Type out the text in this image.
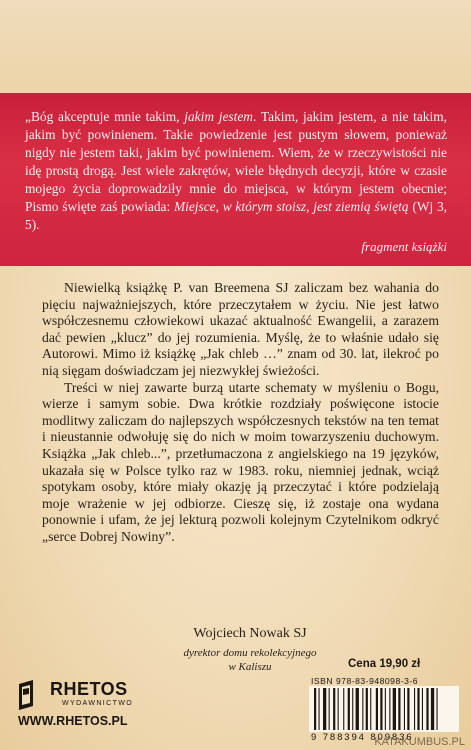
„Bóg akceptuje mnie takim, jakim jestem. Takim, jakim jestem, a nie takim, jakim być powinienem. Takie powiedzenie jest pustym słowem, ponieważ nigdy nie jestem taki, jakim być powinienem. Wiem, że w rzeczywistości nie idę prostą drogą. Jest wiele zakrętów, wiele błędnych decyzji, które w czasie mojego życia doprowadziły mnie do miejsca, w którym jestem obecnie; Pismo święte zaś powiada: Miejsce, w którym stoisz, jest ziemią świętą (Wj 3, 5).

fragment książki

Niewielką książkę P. van Breemena SJ zaliczam bez wahania do pięciu najważniejszych, które przeczytałem w życiu. Nie jest łatwo współczesnemu człowiekowi ukazać aktualność Ewangelii, a zarazem dać pewien „klucz” do jej rozumienia. Myślę, że to właśnie udało się Autorowi. Mimo iż książkę „Jak chleb …” znam od 30. lat, ilekroć po nią sięgam doświadczam jej niezwykłej świeżości.

Treści w niej zawarte burzą utarte schematy w myśleniu o Bogu, wierze i samym sobie. Dwa krótkie rozdziały poświęcone istocie modlitwy zaliczam do najlepszych współczesnych tekstów na ten temat i nieustannie odwołuję się do nich w moim towarzyszeniu duchowym. Książka „Jak chleb...”, przetłumaczona z angielskiego na 19 języków, ukazała się w Polsce tylko raz w 1983. roku, niemniej jednak, wciąż spotykam osoby, które miały okazję ją przeczytać i które podzielają moje wrażenie w jej odbiorze. Cieszę się, iż zostaje ona wydana ponownie i ufam, że jej lekturą pozwoli kolejnym Czytelnikom odkryć „serce Dobrej Nowiny”.

Wojciech Nowak SJ
dyrektor domu rekolekcyjnego
w Kaliszu
RHETOS
WYDAWNICTWO
WWW.RHETOS.PL
Cena 19,90 zł
ISBN 978-83-948098-3-6
9 788394 809836
KATAKUMBUS.PL
